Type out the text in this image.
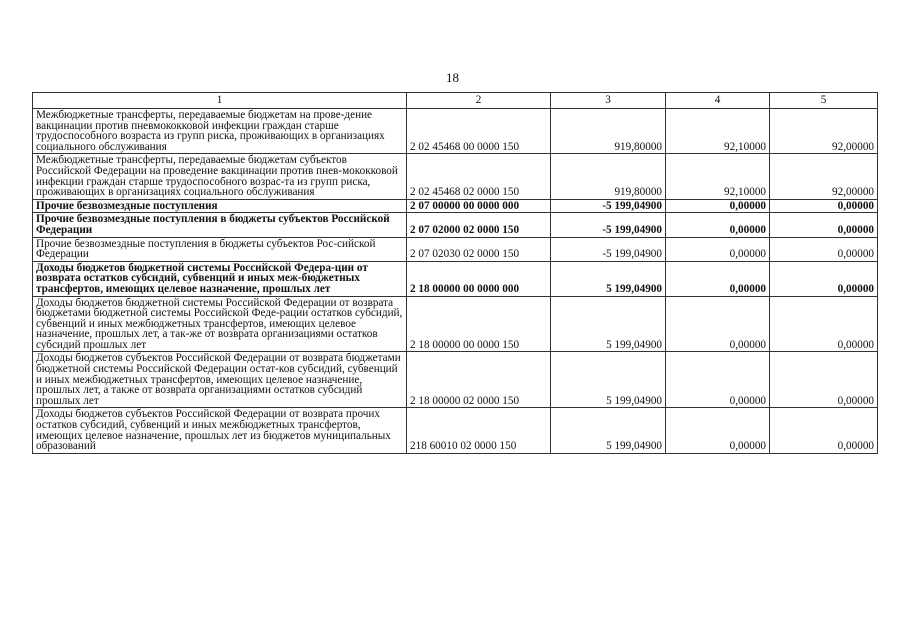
18
1	2	3	4	5
Межбюджетные трансферты, передаваемые бюджетам на прове-дение вакцинации против пневмококковой инфекции граждан старше трудоспособного возраста из групп риска, проживающих в организациях социального обслуживания	2 02 45468 00 0000 150	919,80000	92,10000	92,00000
Межбюджетные трансферты, передаваемые бюджетам субъектов Российской Федерации на проведение вакцинации против пнев-мококковой инфекции граждан старше трудоспособного возрас-та из групп риска, проживающих в организациях социального обслуживания	2 02 45468 02 0000 150	919,80000	92,10000	92,00000
Прочие безвозмездные поступления	2 07 00000 00 0000 000	-5 199,04900	0,00000	0,00000
Прочие безвозмездные поступления в бюджеты субъектов Российской Федерации	2 07 02000 02 0000 150	-5 199,04900	0,00000	0,00000
Прочие безвозмездные поступления в бюджеты субъектов Рос-сийской Федерации	2 07 02030 02 0000 150	-5 199,04900	0,00000	0,00000
Доходы бюджетов бюджетной системы Российской Федера-ции от возврата остатков субсидий, субвенций и иных меж-бюджетных трансфертов, имеющих целевое назначение, прошлых лет	2 18 00000 00 0000 000	5 199,04900	0,00000	0,00000
Доходы бюджетов бюджетной системы Российской Федерации от возврата бюджетами бюджетной системы Российской Феде-рации остатков субсидий, субвенций и иных межбюджетных трансфертов, имеющих целевое назначение, прошлых лет, а так-же от возврата организациями остатков субсидий прошлых лет	2 18 00000 00 0000 150	5 199,04900	0,00000	0,00000
Доходы бюджетов субъектов Российской Федерации от возврата бюджетами бюджетной системы Российской Федерации остат-ков субсидий, субвенций и иных межбюджетных трансфертов, имеющих целевое назначение, прошлых лет, а также от возврата организациями остатков субсидий прошлых лет	2 18 00000 02 0000 150	5 199,04900	0,00000	0,00000
Доходы бюджетов субъектов Российской Федерации от возврата прочих остатков субсидий, субвенций и иных межбюджетных трансфертов, имеющих целевое назначение, прошлых лет из бюджетов муниципальных образований	218 60010 02 0000 150	5 199,04900	0,00000	0,00000
